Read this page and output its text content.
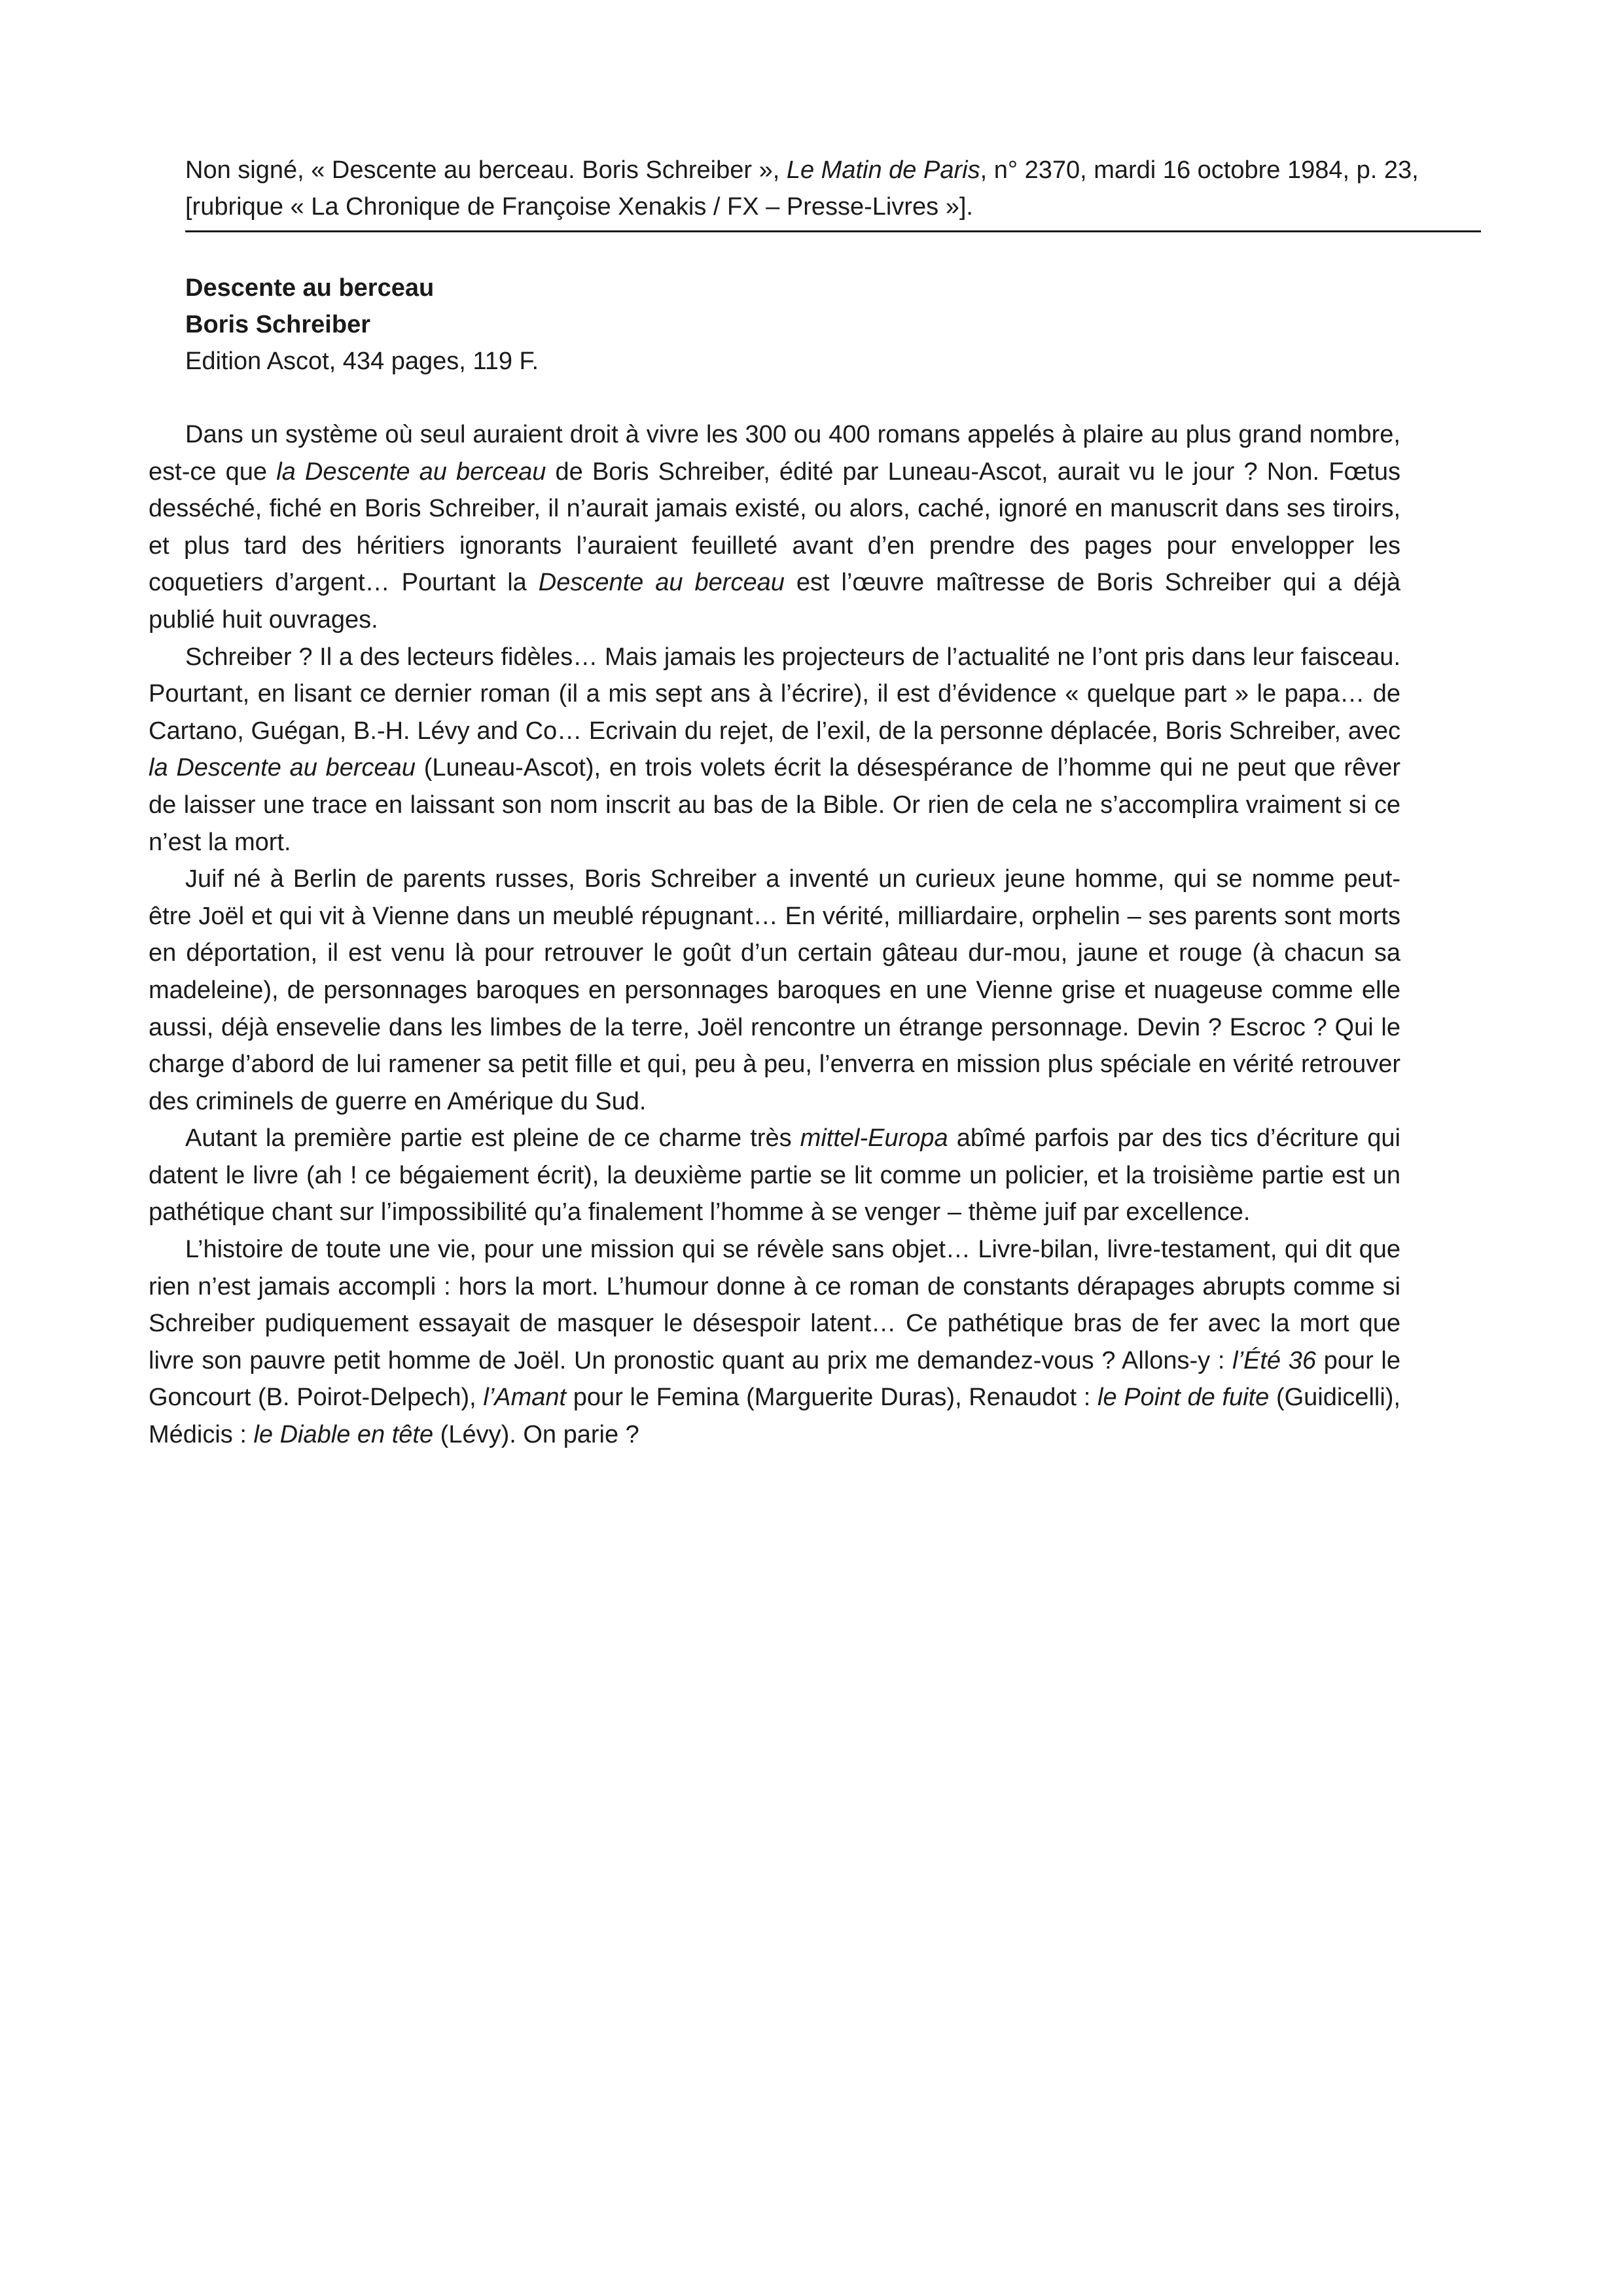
Non signé, « Descente au berceau. Boris Schreiber », Le Matin de Paris, n° 2370, mardi 16 octobre 1984, p. 23, [rubrique « La Chronique de Françoise Xenakis / FX – Presse-Livres »].
Descente au berceau
Boris Schreiber
Edition Ascot, 434 pages, 119 F.

Dans un système où seul auraient droit à vivre les 300 ou 400 romans appelés à plaire au plus grand nombre, est-ce que la Descente au berceau de Boris Schreiber, édité par Luneau-Ascot, aurait vu le jour ? Non. Fœtus desséché, fiché en Boris Schreiber, il n’aurait jamais existé, ou alors, caché, ignoré en manuscrit dans ses tiroirs, et plus tard des héritiers ignorants l’auraient feuilleté avant d’en prendre des pages pour envelopper les coquetiers d’argent… Pourtant la Descente au berceau est l’œuvre maîtresse de Boris Schreiber qui a déjà publié huit ouvrages.

Schreiber ? Il a des lecteurs fidèles… Mais jamais les projecteurs de l’actualité ne l’ont pris dans leur faisceau. Pourtant, en lisant ce dernier roman (il a mis sept ans à l’écrire), il est d’évidence « quelque part » le papa… de Cartano, Guégan, B.-H. Lévy and Co… Ecrivain du rejet, de l’exil, de la personne déplacée, Boris Schreiber, avec la Descente au berceau (Luneau-Ascot), en trois volets écrit la désespérance de l’homme qui ne peut que rêver de laisser une trace en laissant son nom inscrit au bas de la Bible. Or rien de cela ne s’accomplira vraiment si ce n’est la mort.

Juif né à Berlin de parents russes, Boris Schreiber a inventé un curieux jeune homme, qui se nomme peut-être Joël et qui vit à Vienne dans un meublé répugnant… En vérité, milliardaire, orphelin – ses parents sont morts en déportation, il est venu là pour retrouver le goût d’un certain gâteau dur-mou, jaune et rouge (à chacun sa madeleine), de personnages baroques en personnages baroques en une Vienne grise et nuageuse comme elle aussi, déjà ensevelie dans les limbes de la terre, Joël rencontre un étrange personnage. Devin ? Escroc ? Qui le charge d’abord de lui ramener sa petit fille et qui, peu à peu, l’enverra en mission plus spéciale en vérité retrouver des criminels de guerre en Amérique du Sud.

Autant la première partie est pleine de ce charme très mittel-Europa abîmé parfois par des tics d’écriture qui datent le livre (ah ! ce bégaiement écrit), la deuxième partie se lit comme un policier, et la troisième partie est un pathétique chant sur l’impossibilité qu’a finalement l’homme à se venger – thème juif par excellence.

L’histoire de toute une vie, pour une mission qui se révèle sans objet… Livre-bilan, livre-testament, qui dit que rien n’est jamais accompli : hors la mort. L’humour donne à ce roman de constants dérapages abrupts comme si Schreiber pudiquement essayait de masquer le désespoir latent… Ce pathétique bras de fer avec la mort que livre son pauvre petit homme de Joël. Un pronostic quant au prix me demandez-vous ? Allons-y : l’Été 36 pour le Goncourt (B. Poirot-Delpech), l’Amant pour le Femina (Marguerite Duras), Renaudot : le Point de fuite (Guidicelli), Médicis : le Diable en tête (Lévy). On parie ?
